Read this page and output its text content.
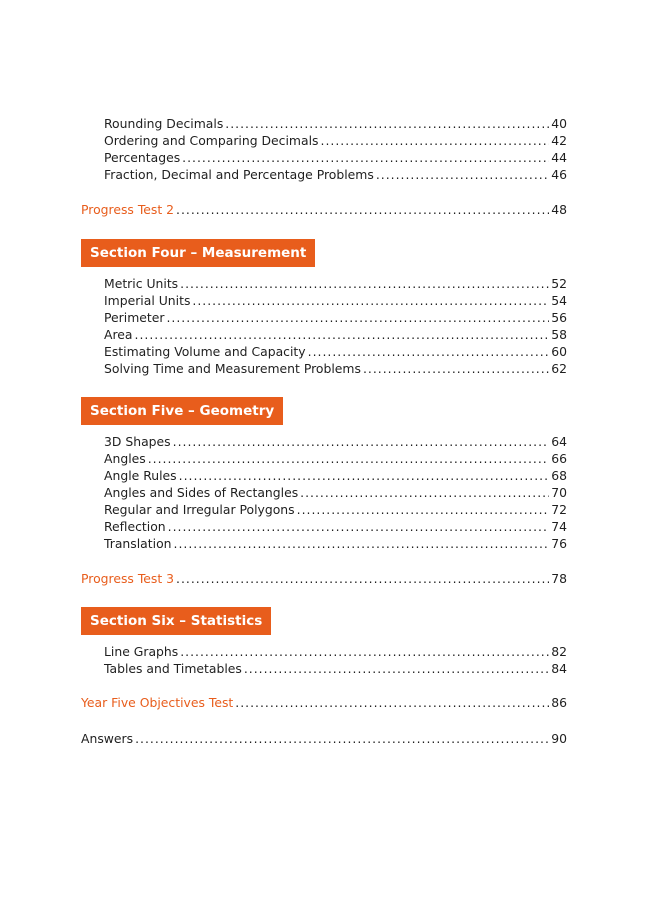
Rounding Decimals .....	40
Ordering and Comparing Decimals .....	42
Percentages .....	44
Fraction, Decimal and Percentage Problems .....	46
Progress Test 2 .....	48
Section Four – Measurement
Metric Units .....	52
Imperial Units .....	54
Perimeter .....	56
Area .....	58
Estimating Volume and Capacity .....	60
Solving Time and Measurement Problems .....	62
Section Five – Geometry
3D Shapes .....	64
Angles .....	66
Angle Rules .....	68
Angles and Sides of Rectangles .....	70
Regular and Irregular Polygons .....	72
Reflection .....	74
Translation .....	76
Progress Test 3 .....	78
Section Six – Statistics
Line Graphs .....	82
Tables and Timetables .....	84
Year Five Objectives Test .....	86
Answers .....	90
